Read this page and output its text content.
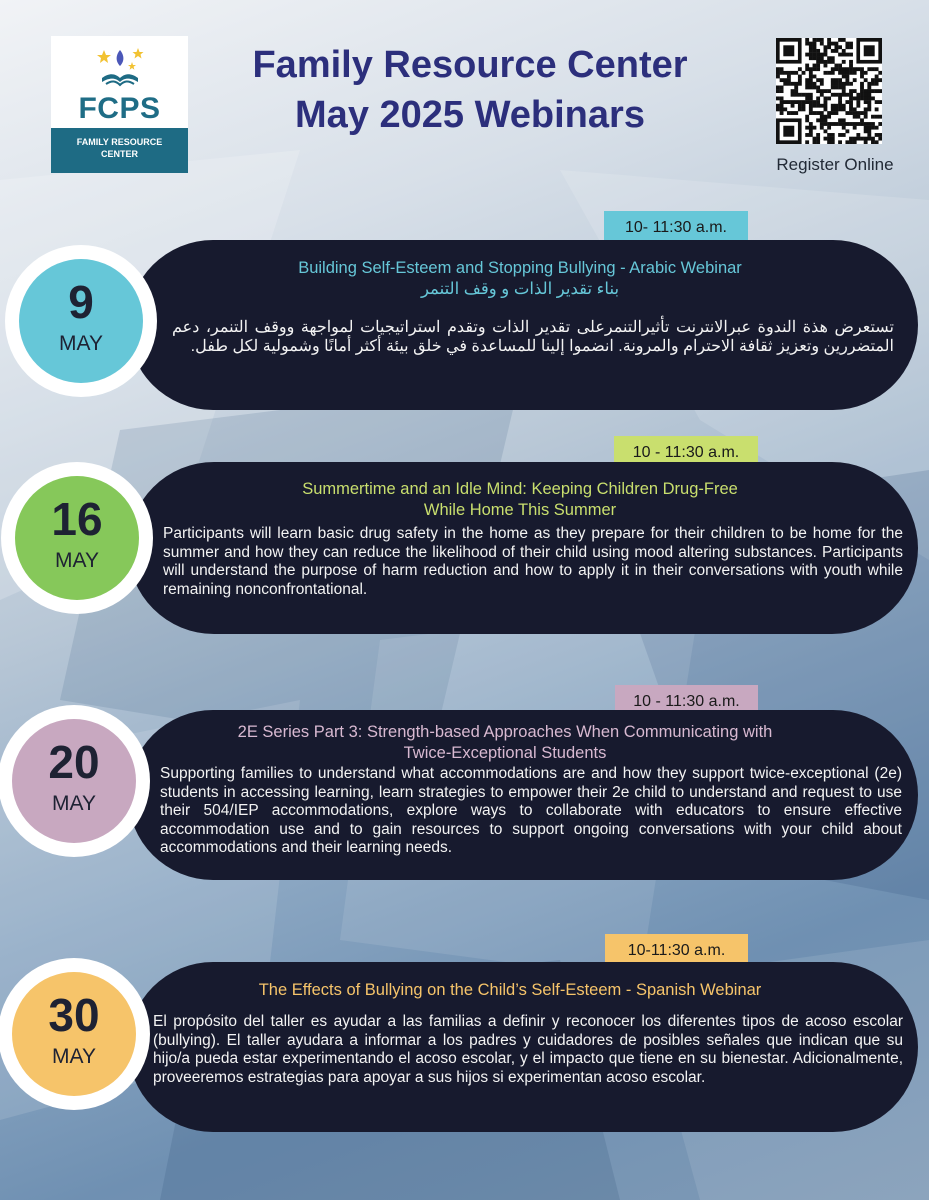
FCPS
FAMILY RESOURCE
CENTER
Family Resource Center
May 2025 Webinars
Register Online
10- 11:30 a.m.
9
MAY
Building Self-Esteem and Stopping Bullying - Arabic Webinar
بناء تقدير الذات و وقف التنمر
تستعرض هذة الندوة عبرالانترنت تأثيرالتنمرعلى تقدير الذات وتقدم استراتيجيات لمواجهة ووقف التنمر، دعم المتضررين وتعزيز ثقافة الاحترام والمرونة. انضموا إلينا للمساعدة في خلق بيئة أكثر أمانًا وشمولية لكل طفل.
10 - 11:30 a.m.
16
MAY
Summertime and an Idle Mind: Keeping Children Drug-Free
While Home This Summer
Participants will learn basic drug safety in the home as they prepare for their children to be home for the summer and how they can reduce the likelihood of their child using mood altering substances. Participants will understand the purpose of harm reduction and how to apply it in their conversations with youth while remaining nonconfrontational.
10 - 11:30 a.m.
20
MAY
2E Series Part 3: Strength-based Approaches When Communicating with
Twice-Exceptional Students
Supporting families to understand what accommodations are and how they support twice-exceptional (2e) students in accessing learning, learn strategies to empower their 2e child to understand and request to use their 504/IEP accommodations, explore ways to collaborate with educators to ensure effective accommodation use and to gain resources to support ongoing conversations with your child about accommodations and their learning needs.
10-11:30 a.m.
30
MAY
The Effects of Bullying on the Child’s Self-Esteem - Spanish Webinar
El propósito del taller es ayudar a las familias a definir y reconocer los diferentes tipos de acoso escolar (bullying). El taller ayudara a informar a los padres y cuidadores de posibles señales que indican que su hijo/a pueda estar experimentando el acoso escolar, y el impacto que tiene en su bienestar. Adicionalmente, proveeremos estrategias para apoyar a sus hijos si experimentan acoso escolar.
